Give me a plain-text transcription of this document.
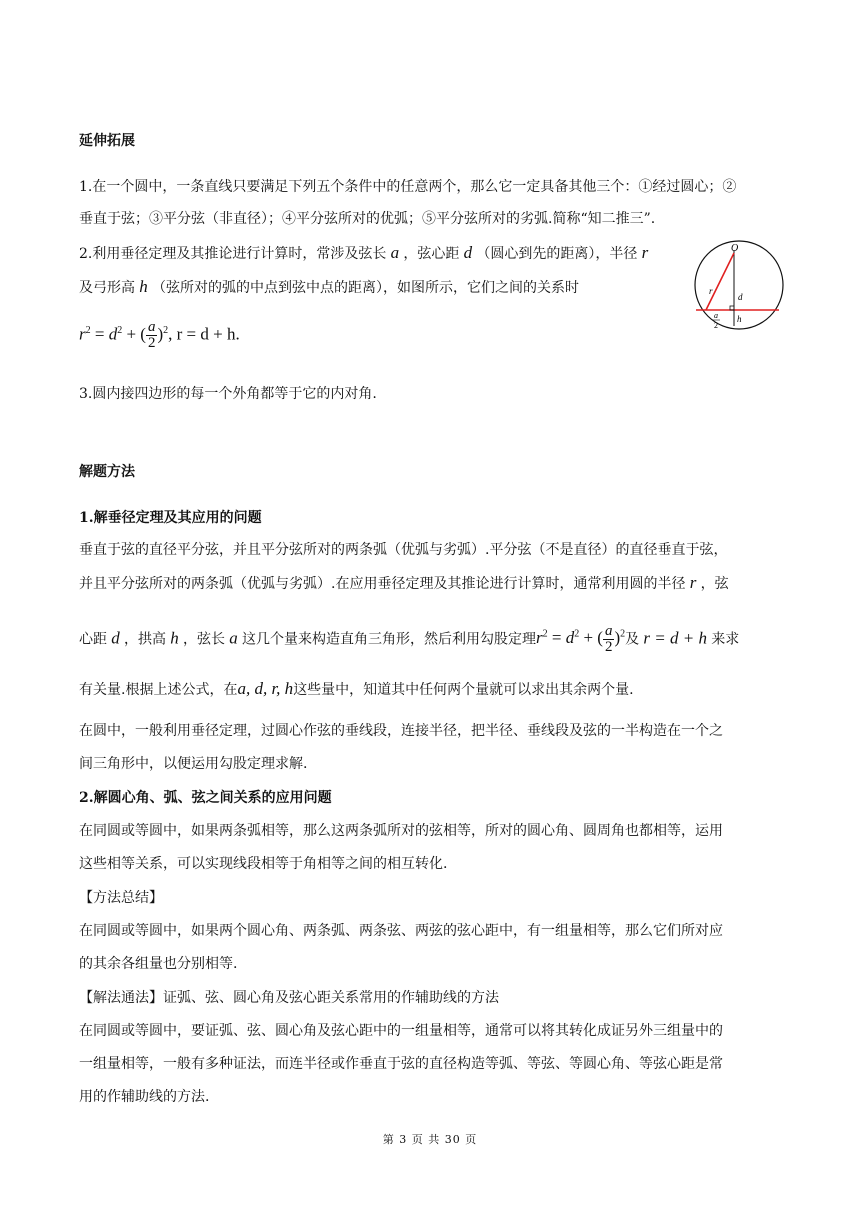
延伸拓展
1.在一个圆中，一条直线只要满足下列五个条件中的任意两个，那么它一定具备其他三个：①经过圆心；②
垂直于弦；③平分弦（非直径）；④平分弦所对的优弧；⑤平分弦所对的劣弧.简称“知二推三”.
2.利用垂径定理及其推论进行计算时，常涉及弦长 a ，弦心距 d （圆心到先的距离），半径 r
及弓形高 h （弦所对的弧的中点到弦中点的距离），如图所示，它们之间的关系时
$r^2 = d^2$ + ( $\frac{a}{2} )^2$, r = d + h.
O
r
d
a
2
h
3.圆内接四边形的每一个外角都等于它的内对角.
解题方法
1.解垂径定理及其应用的问题
垂直于弦的直径平分弦，并且平分弦所对的两条弧（优弧与劣弧）.平分弦（不是直径）的直径垂直于弦，
并且平分弦所对的两条弧（优弧与劣弧）.在应用垂径定理及其推论进行计算时，通常利用圆的半径 r ，弦
心距 d ，拱高 h ，弦长 a 这几个量来构造直角三角形，然后利用勾股定理$r^2 = d^2$ + ( $\frac{a}{2} )^2$及 r = d + h 来求
有关量.根据上述公式，在a, d, r, h这些量中，知道其中任何两个量就可以求出其余两个量.
在圆中，一般利用垂径定理，过圆心作弦的垂线段，连接半径，把半径、垂线段及弦的一半构造在一个之
间三角形中，以便运用勾股定理求解.
2.解圆心角、弧、弦之间关系的应用问题
在同圆或等圆中，如果两条弧相等，那么这两条弧所对的弦相等，所对的圆心角、圆周角也都相等，运用
这些相等关系，可以实现线段相等于角相等之间的相互转化.
【方法总结】
在同圆或等圆中，如果两个圆心角、两条弧、两条弦、两弦的弦心距中，有一组量相等，那么它们所对应
的其余各组量也分别相等.
【解法通法】证弧、弦、圆心角及弦心距关系常用的作辅助线的方法
在同圆或等圆中，要证弧、弦、圆心角及弦心距中的一组量相等，通常可以将其转化成证另外三组量中的
一组量相等，一般有多种证法，而连半径或作垂直于弦的直径构造等弧、等弦、等圆心角、等弦心距是常
用的作辅助线的方法.
第 3 页 共 30 页
